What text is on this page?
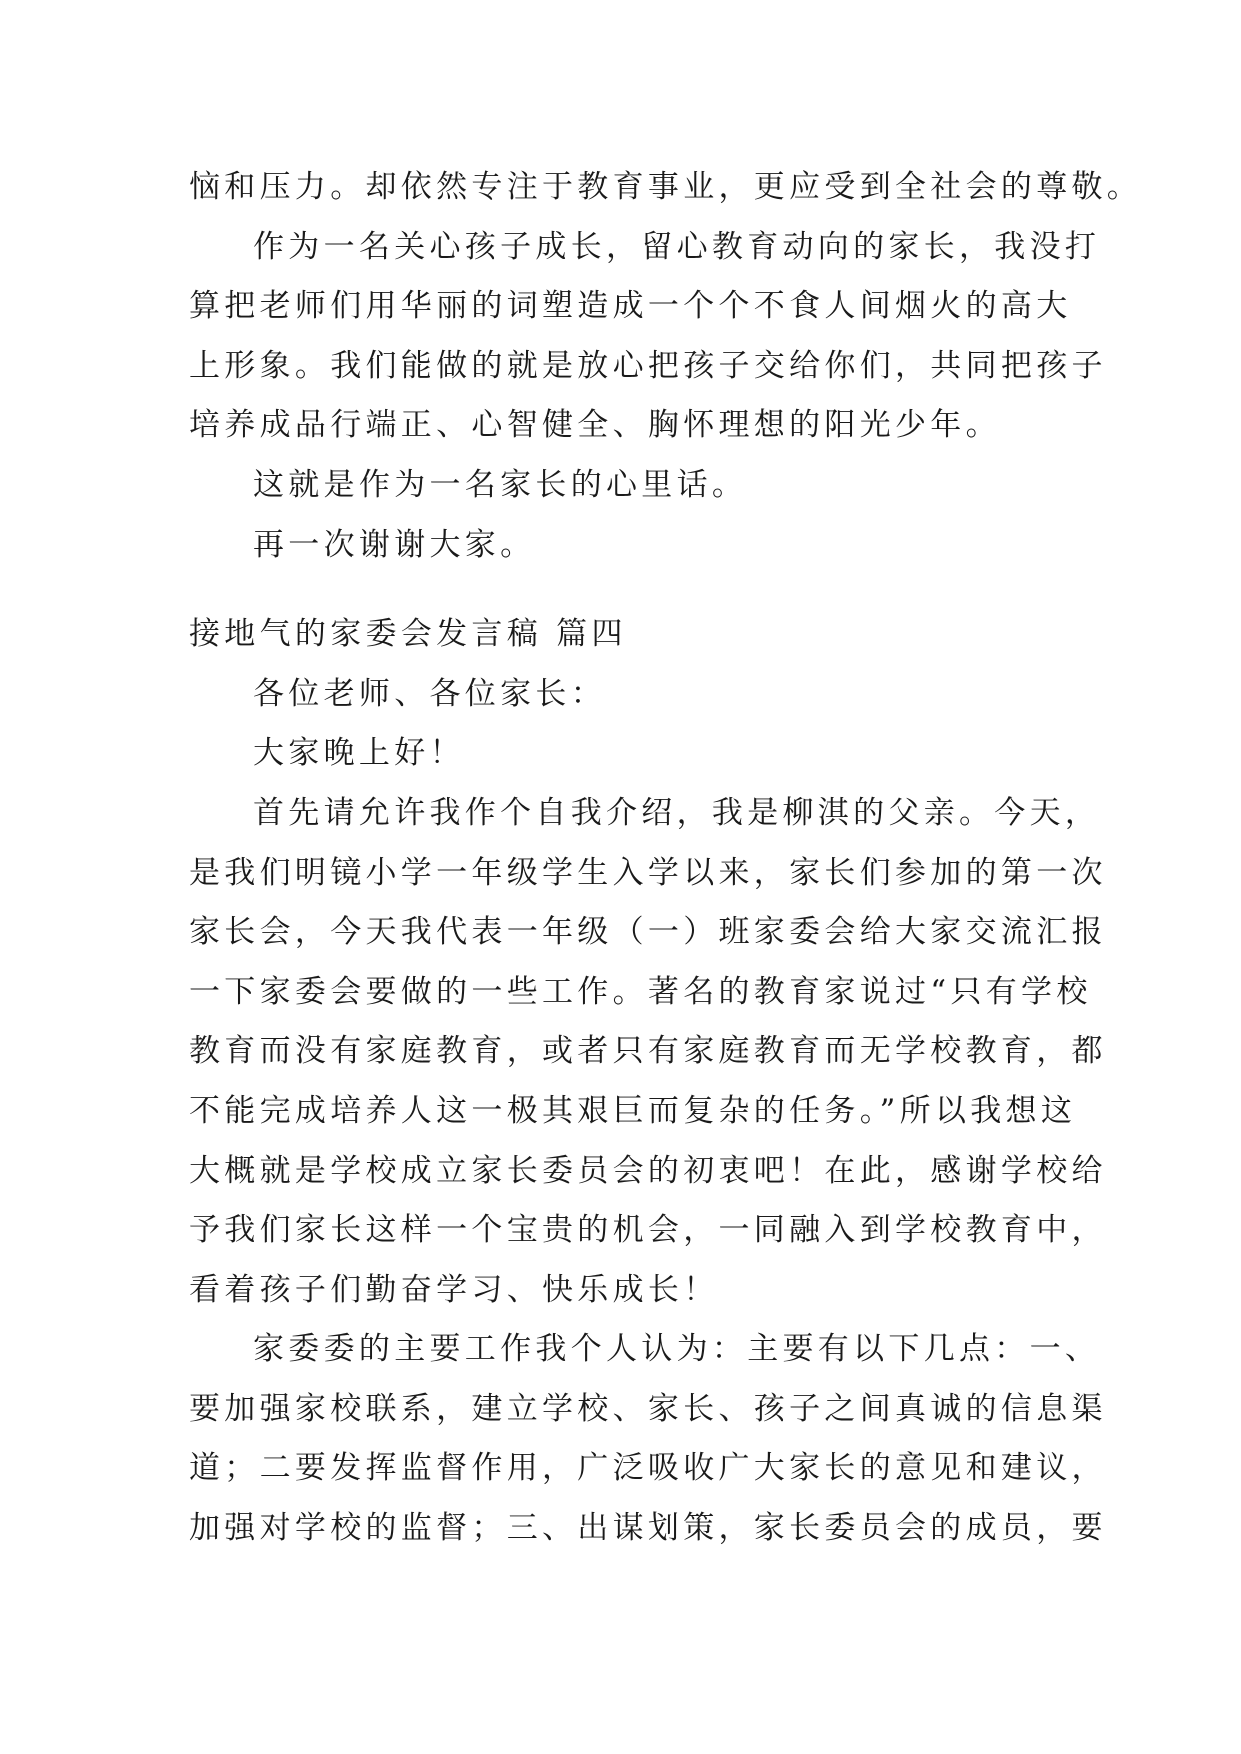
恼和压力。却依然专注于教育事业，更应受到全社会的尊敬。
作为一名关心孩子成长，留心教育动向的家长，我没打
算把老师们用华丽的词塑造成一个个不食人间烟火的高大
上形象。我们能做的就是放心把孩子交给你们，共同把孩子
培养成品行端正、心智健全、胸怀理想的阳光少年。
这就是作为一名家长的心里话。
再一次谢谢大家。
接地气的家委会发言稿 篇四
各位老师、各位家长：
大家晚上好！
首先请允许我作个自我介绍，我是柳淇的父亲。今天，
是我们明镜小学一年级学生入学以来，家长们参加的第一次
家长会，今天我代表一年级（一）班家委会给大家交流汇报
一下家委会要做的一些工作。著名的教育家说过“只有学校
教育而没有家庭教育，或者只有家庭教育而无学校教育，都
不能完成培养人这一极其艰巨而复杂的任务。”所以我想这
大概就是学校成立家长委员会的初衷吧！在此，感谢学校给
予我们家长这样一个宝贵的机会，一同融入到学校教育中，
看着孩子们勤奋学习、快乐成长！
家委委的主要工作我个人认为：主要有以下几点：一、
要加强家校联系，建立学校、家长、孩子之间真诚的信息渠
道；二要发挥监督作用，广泛吸收广大家长的意见和建议，
加强对学校的监督；三、出谋划策，家长委员会的成员，要
